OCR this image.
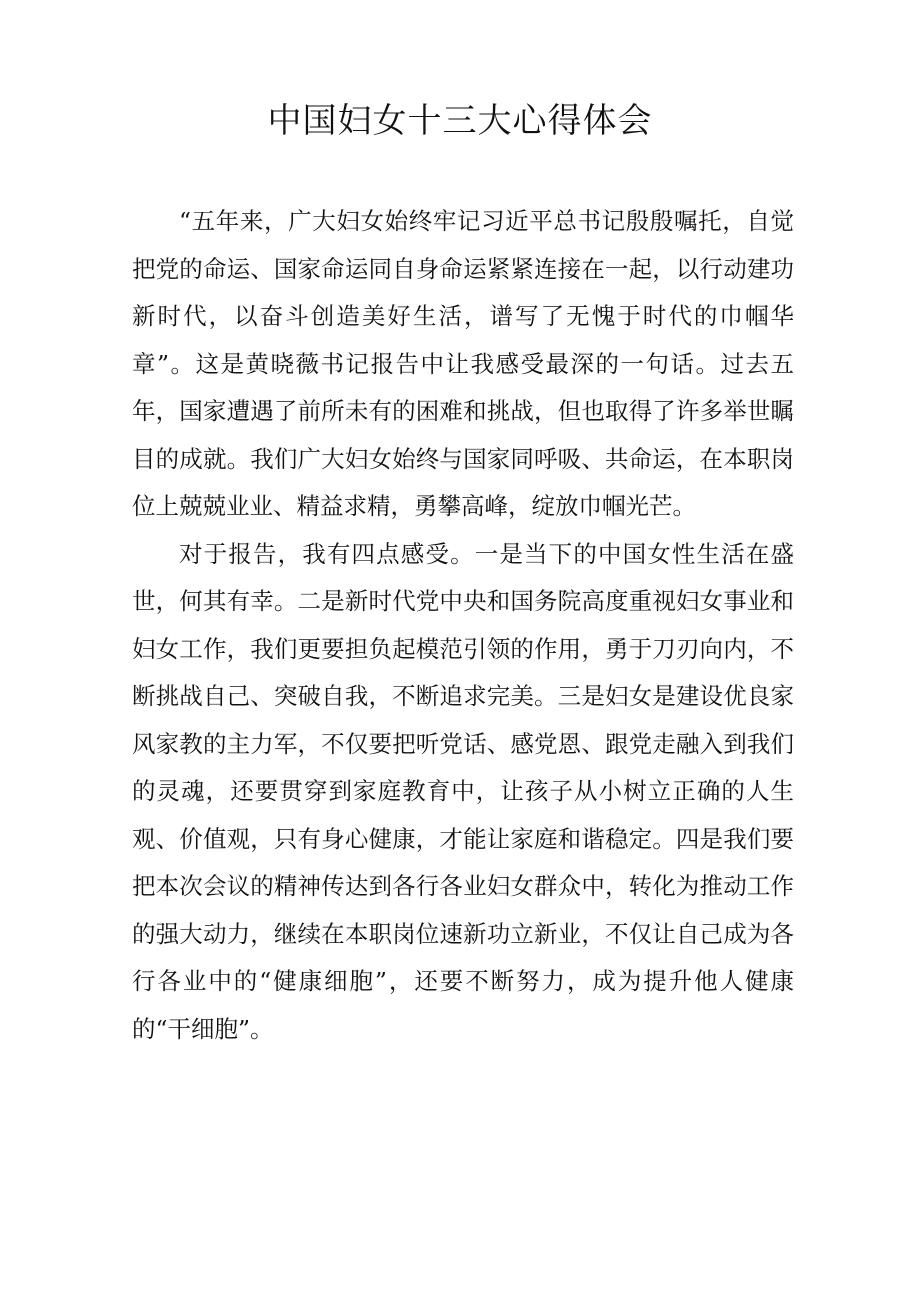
中国妇女十三大心得体会

“五年来，广大妇女始终牢记习近平总书记殷殷嘱托，自觉把党的命运、国家命运同自身命运紧紧连接在一起，以行动建功新时代，以奋斗创造美好生活，谱写了无愧于时代的巾帼华章”。这是黄晓薇书记报告中让我感受最深的一句话。过去五年，国家遭遇了前所未有的困难和挑战，但也取得了许多举世瞩目的成就。我们广大妇女始终与国家同呼吸、共命运，在本职岗位上兢兢业业、精益求精，勇攀高峰，绽放巾帼光芒。

对于报告，我有四点感受。一是当下的中国女性生活在盛世，何其有幸。二是新时代党中央和国务院高度重视妇女事业和妇女工作，我们更要担负起模范引领的作用，勇于刀刃向内，不断挑战自己、突破自我，不断追求完美。三是妇女是建设优良家风家教的主力军，不仅要把听党话、感党恩、跟党走融入到我们的灵魂，还要贯穿到家庭教育中，让孩子从小树立正确的人生观、价值观，只有身心健康，才能让家庭和谐稳定。四是我们要把本次会议的精神传达到各行各业妇女群众中，转化为推动工作的强大动力，继续在本职岗位速新功立新业，不仅让自己成为各行各业中的“健康细胞”，还要不断努力，成为提升他人健康的“干细胞”。
